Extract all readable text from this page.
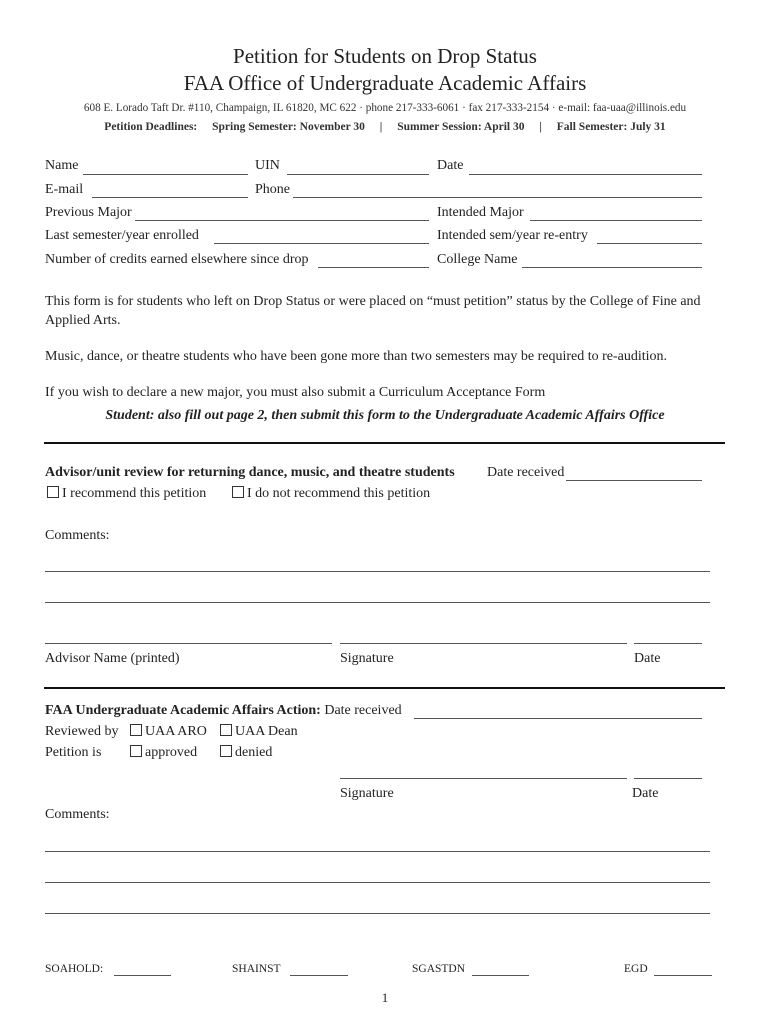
Petition for Students on Drop Status
FAA Office of Undergraduate Academic Affairs
608 E. Lorado Taft Dr. #110, Champaign, IL 61820, MC 622 · phone 217-333-6061 · fax 217-333-2154 · e-mail: faa-uaa@illinois.edu
Petition Deadlines: Spring Semester: November 30 | Summer Session: April 30 | Fall Semester: July 31
Name	UIN	Date
E-mail	Phone
Previous Major	Intended Major
Last semester/year enrolled	Intended sem/year re-entry
Number of credits earned elsewhere since drop	College Name
This form is for students who left on Drop Status or were placed on “must petition” status by the College of Fine and Applied Arts.
Music, dance, or theatre students who have been gone more than two semesters may be required to re-audition.
If you wish to declare a new major, you must also submit a Curriculum Acceptance Form
Student: also fill out page 2, then submit this form to the Undergraduate Academic Affairs Office
Advisor/unit review for returning dance, music, and theatre students Date received
I recommend this petition	I do not recommend this petition
Comments:
Advisor Name (printed)	Signature	Date
FAA Undergraduate Academic Affairs Action: Date received
Reviewed by	UAA ARO	UAA Dean
Petition is	approved	denied
Signature	Date
Comments:
SOAHOLD:	SHAINST	SGASTDN	EGD
1
